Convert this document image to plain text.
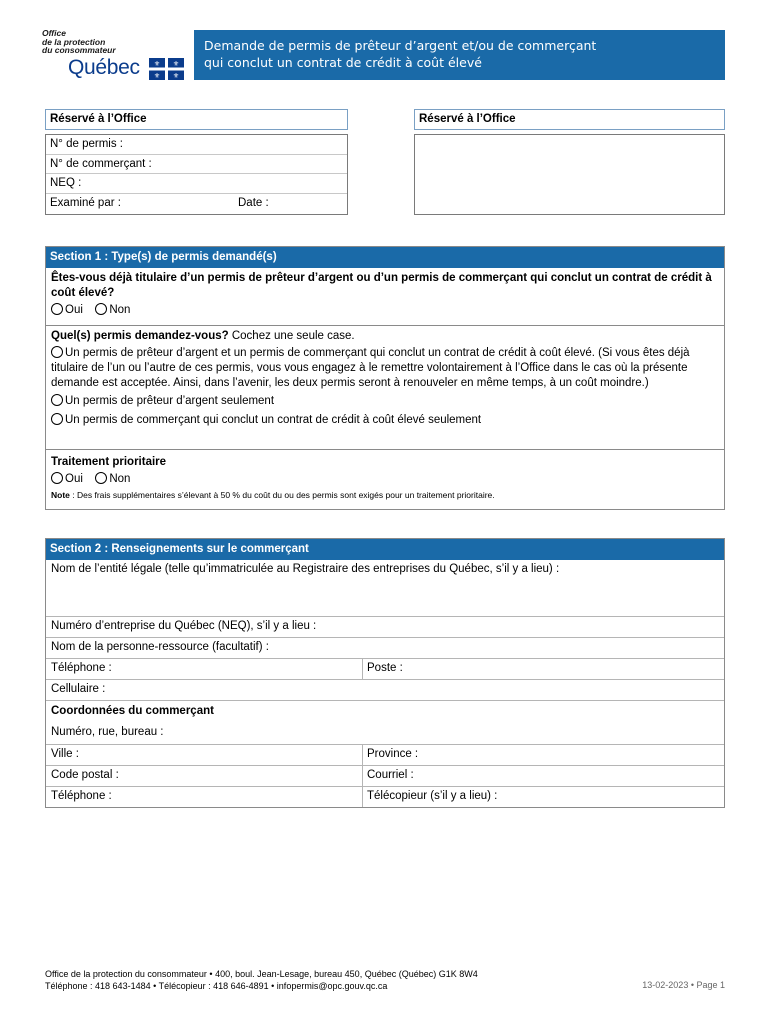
Office
de la protection
du consommateur
Québec ⚜ ⚜
⚜ ⚜
Demande de permis de prêteur d’argent et/ou de commerçant
qui conclut un contrat de crédit à coût élevé
Réservé à l’Office	Réservé à l’Office
N° de permis :
N° de commerçant :
NEQ :
Examiné par :	Date :
Section 1 : Type(s) de permis demandé(s)
Êtes-vous déjà titulaire d’un permis de prêteur d’argent ou d’un permis de commerçant qui conclut un contrat de crédit à coût élevé?
Oui Non
Quel(s) permis demandez-vous? Cochez une seule case.
Un permis de prêteur d’argent et un permis de commerçant qui conclut un contrat de crédit à coût élevé. (Si vous êtes déjà titulaire de l’un ou l’autre de ces permis, vous vous engagez à le remettre volontairement à l’Office dans le cas où la présente demande est acceptée. Ainsi, dans l’avenir, les deux permis seront à renouveler en même temps, à un coût moindre.)
Un permis de prêteur d’argent seulement
Un permis de commerçant qui conclut un contrat de crédit à coût élevé seulement
Traitement prioritaire
Oui Non
Note : Des frais supplémentaires s’élevant à 50 % du coût du ou des permis sont exigés pour un traitement prioritaire.
Section 2 : Renseignements sur le commerçant
Nom de l’entité légale (telle qu’immatriculée au Registraire des entreprises du Québec, s’il y a lieu) :
Numéro d’entreprise du Québec (NEQ), s’il y a lieu :
Nom de la personne-ressource (facultatif) :
Téléphone :	Poste :
Cellulaire :
Coordonnées du commerçant
Numéro, rue, bureau :
Ville :	Province :
Code postal :	Courriel :
Téléphone :	Télécopieur (s’il y a lieu) :
Office de la protection du consommateur • 400, boul. Jean-Lesage, bureau 450, Québec (Québec) G1K 8W4
Téléphone : 418 643-1484 • Télécopieur : 418 646-4891 • infopermis@opc.gouv.qc.ca	13-02-2023 • Page 1
